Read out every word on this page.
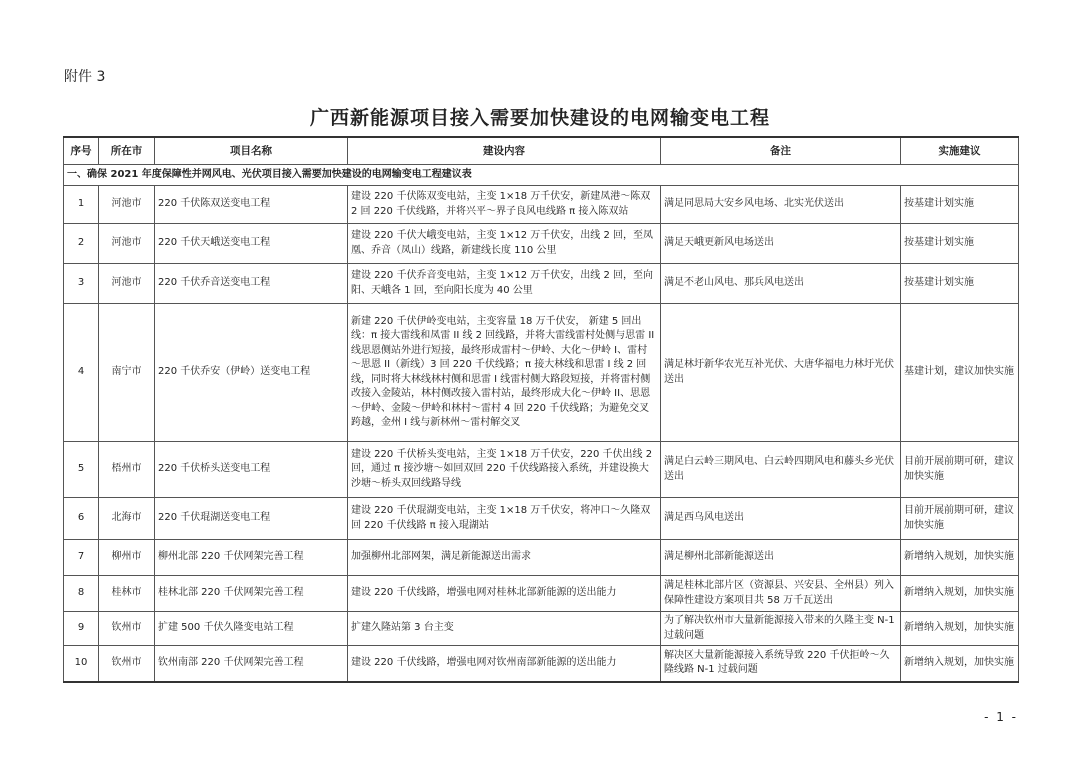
附件 3
广西新能源项目接入需要加快建设的电网输变电工程
序号	所在市	项目名称	建设内容	备注	实施建议
一、确保 2021 年度保障性并网风电、光伏项目接入需要加快建设的电网输变电工程建议表					
1	河池市	220 千伏陈双送变电工程	建设 220 千伏陈双变电站，主变 1×18 万千伏安，新建凤港～陈双 2 回 220 千伏线路，并将兴平～界子良风电线路 π 接入陈双站	满足同思局大安乡风电场、北实光伏送出	按基建计划实施
2	河池市	220 千伏天峨送变电工程	建设 220 千伏大峨变电站，主变 1×12 万千伏安，出线 2 回，至凤凰、乔音（凤山）线路，新建线长度 110 公里	满足天峨更新风电场送出	按基建计划实施
3	河池市	220 千伏乔音送变电工程	建设 220 千伏乔音变电站，主变 1×12 万千伏安，出线 2 回，至向阳、天峨各 1 回，至向阳长度为 40 公里	满足不老山风电、那兵风电送出	按基建计划实施
4	南宁市	220 千伏乔安（伊岭）送变电工程	新建 220 千伏伊岭变电站，主变容量 18 万千伏安， 新建 5 回出线：π 接大雷线和凤雷 II 线 2 回线路，并将大雷线雷村处侧与思雷 II 线思恩侧站外进行短接，最终形成雷村～伊岭、大化～伊岭 I、雷村～思恩 II（新线）3 回 220 千伏线路；π 接大林线和思雷 I 线 2 回线，同时将大林线林村侧和思雷 I 线雷村侧大路段短接，并将雷村侧改接入金陵站，林村侧改接入雷村站，最终形成大化～伊岭 II、思恩～伊岭、金陵～伊岭和林村～雷村 4 回 220 千伏线路；为避免交叉跨越，金州 I 线与新林州～雷村解交叉	满足林圩新华农光互补光伏、大唐华福电力林圩光伏送出	基建计划，建议加快实施
5	梧州市	220 千伏桥头送变电工程	建设 220 千伏桥头变电站，主变 1×18 万千伏安，220 千伏出线 2 回，通过 π 接沙塘～如回双回 220 千伏线路接入系统，并建设换大沙塘～桥头双回线路导线	满足白云岭三期风电、白云岭四期风电和藤头乡光伏送出	目前开展前期可研，建议加快实施
6	北海市	220 千伏琨湖送变电工程	建设 220 千伏琨湖变电站，主变 1×18 万千伏安，将冲口～久隆双回 220 千伏线路 π 接入琨湖站	满足西乌风电送出	目前开展前期可研，建议加快实施
7	柳州市	柳州北部 220 千伏网架完善工程	加强柳州北部网架，满足新能源送出需求	满足柳州北部新能源送出	新增纳入规划，加快实施
8	桂林市	桂林北部 220 千伏网架完善工程	建设 220 千伏线路，增强电网对桂林北部新能源的送出能力	满足桂林北部片区（资源县、兴安县、全州县）列入保障性建设方案项目共 58 万千瓦送出	新增纳入规划，加快实施
9	钦州市	扩建 500 千伏久隆变电站工程	扩建久隆站第 3 台主变	为了解决钦州市大量新能源接入带来的久隆主变 N-1 过载问题	新增纳入规划，加快实施
10	钦州市	钦州南部 220 千伏网架完善工程	建设 220 千伏线路，增强电网对钦州南部新能源的送出能力	解决区大量新能源接入系统导致 220 千伏拒岭～久隆线路 N-1 过载问题	新增纳入规划，加快实施
- 1 -
